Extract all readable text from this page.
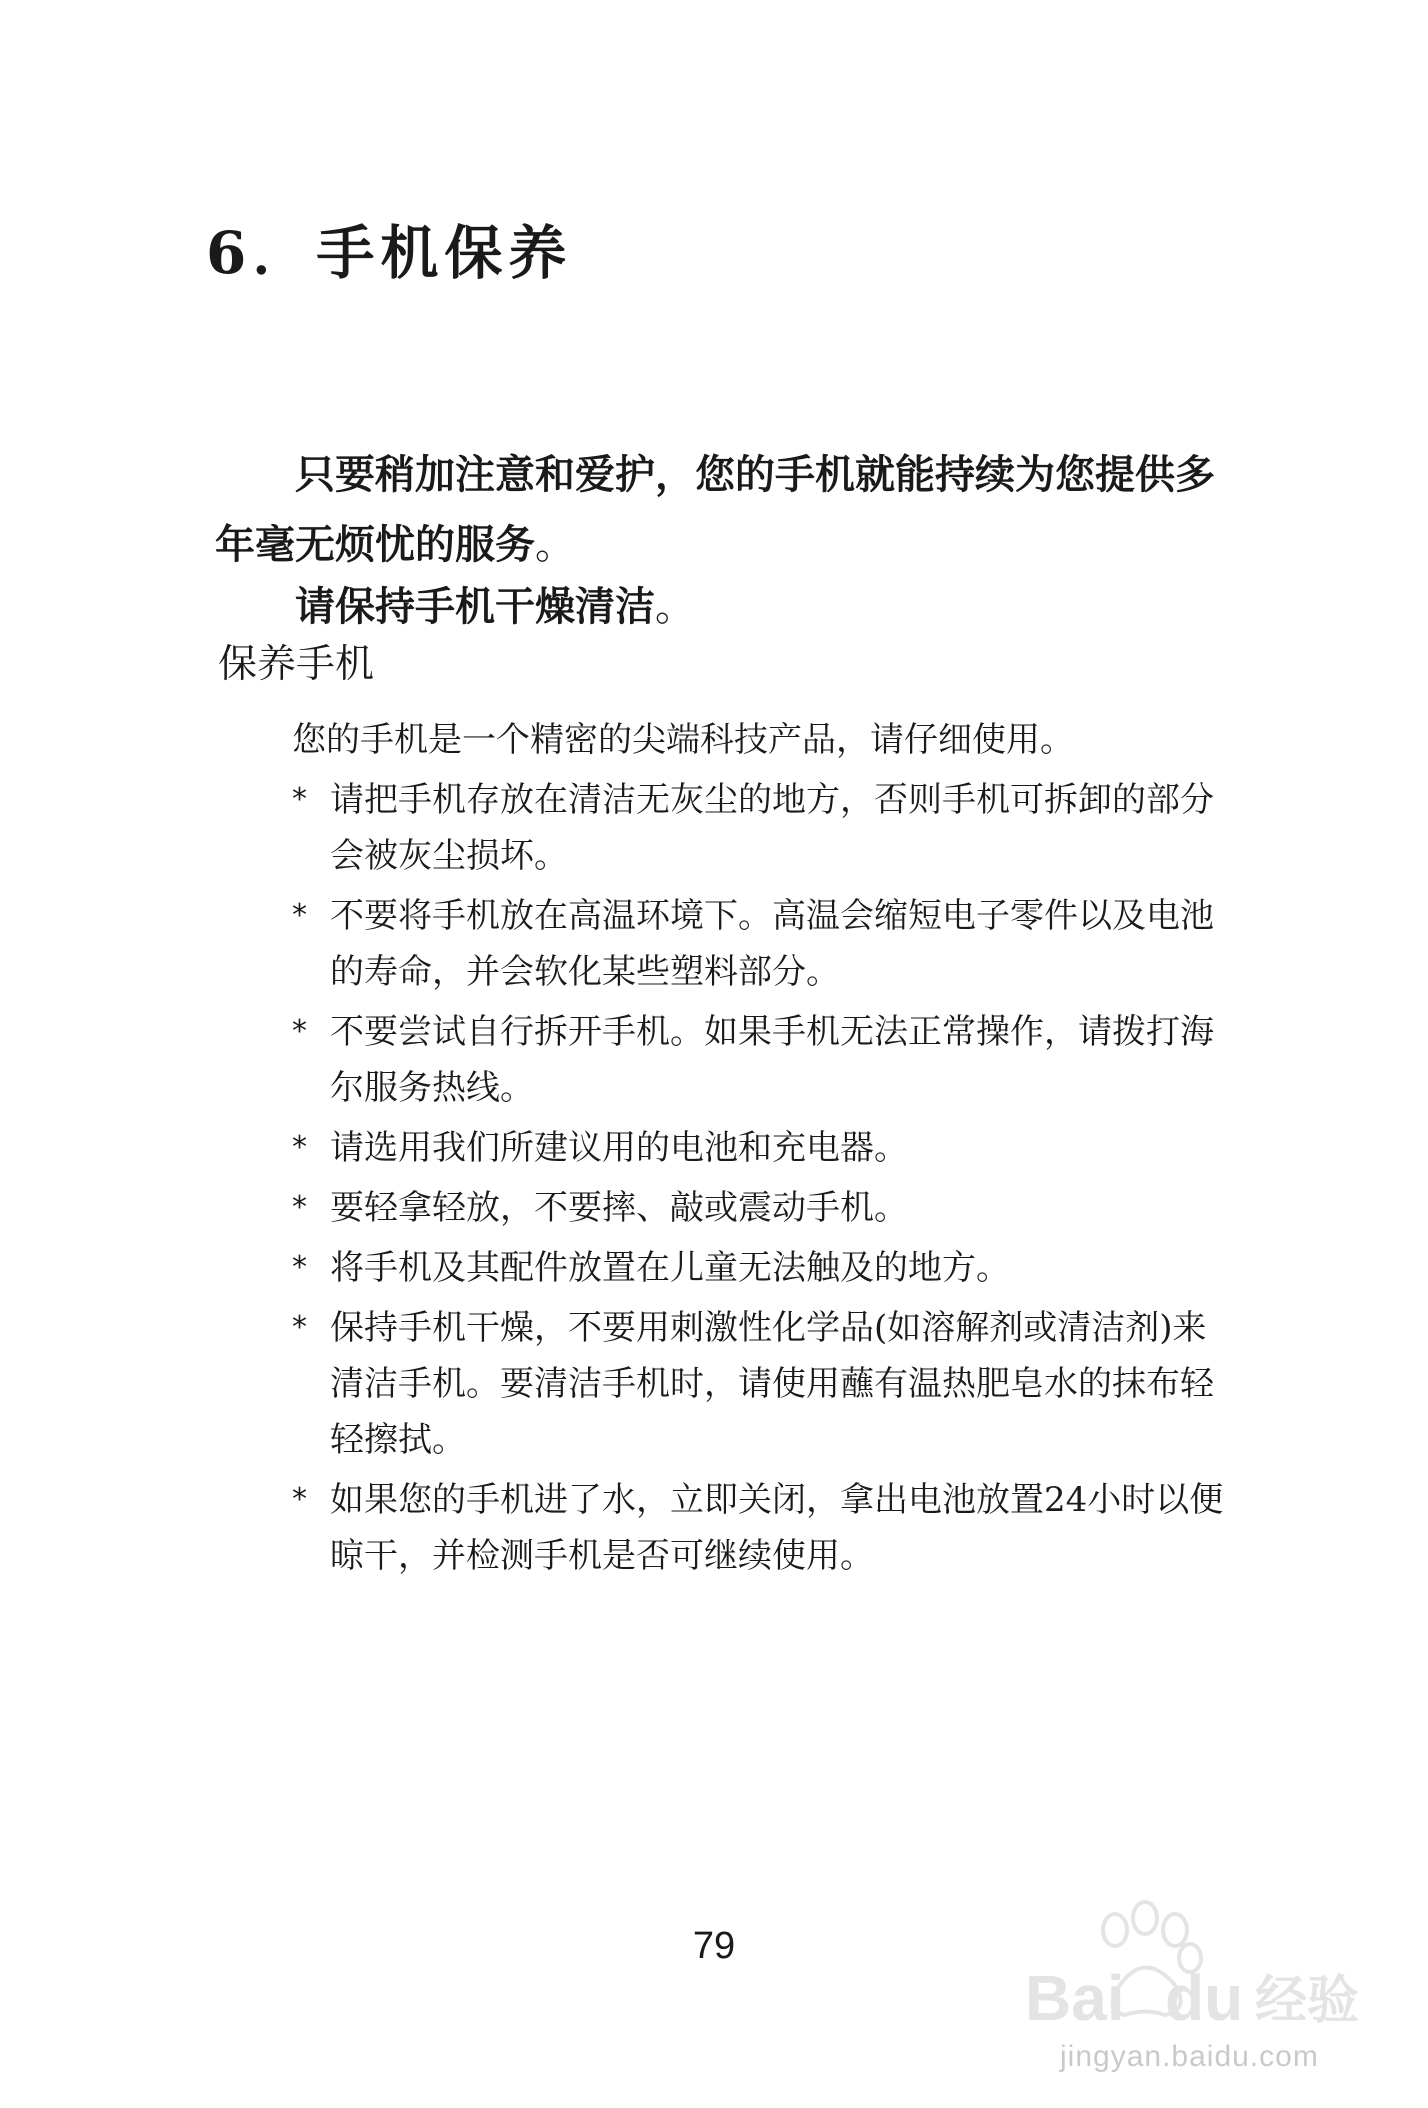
6．手机保养

只要稍加注意和爱护，您的手机就能持续为您提供多年毫无烦忧的服务。

请保持手机干燥清洁。

保养手机

您的手机是一个精密的尖端科技产品，请仔细使用。

* 请把手机存放在清洁无灰尘的地方，否则手机可拆卸的部分会被灰尘损坏。
* 不要将手机放在高温环境下。高温会缩短电子零件以及电池的寿命，并会软化某些塑料部分。
* 不要尝试自行拆开手机。如果手机无法正常操作，请拨打海尔服务热线。
* 请选用我们所建议用的电池和充电器。
* 要轻拿轻放，不要摔、敲或震动手机。
* 将手机及其配件放置在儿童无法触及的地方。
* 保持手机干燥，不要用刺激性化学品(如溶解剂或清洁剂)来清洁手机。要清洁手机时，请使用蘸有温热肥皂水的抹布轻轻擦拭。
* 如果您的手机进了水，立即关闭，拿出电池放置24小时以便晾干，并检测手机是否可继续使用。

79

Bai du 经验
jingyan.baidu.com
